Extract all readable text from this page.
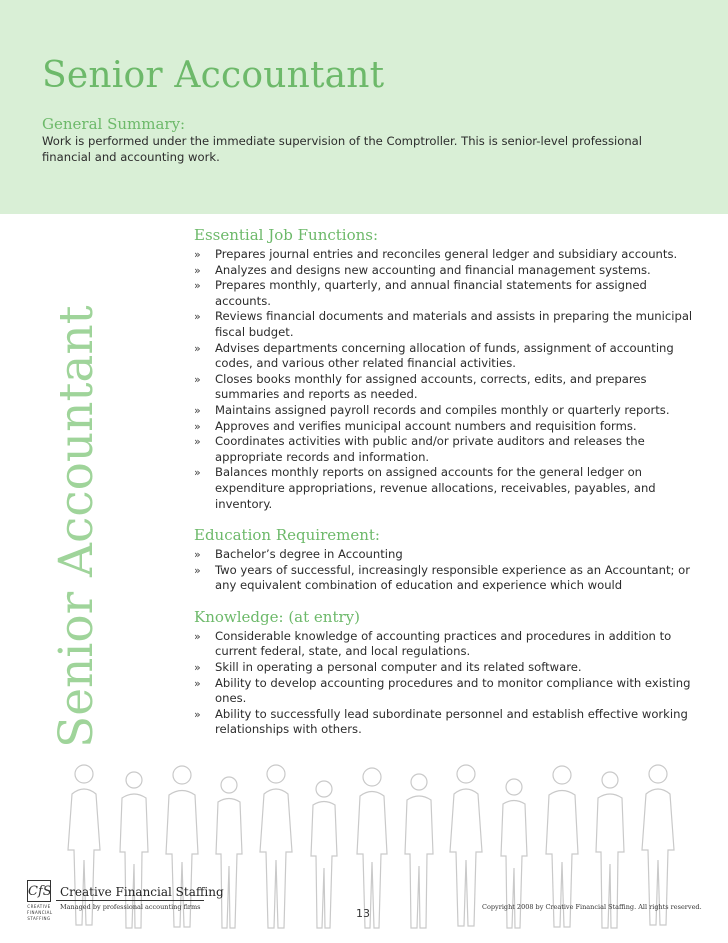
Senior Accountant
General Summary:
Work is performed under the immediate supervision of the Comptroller. This is senior-level professional financial and accounting work.
Senior Accountant
Essential Job Functions:
» Prepares journal entries and reconciles general ledger and subsidiary accounts.
» Analyzes and designs new accounting and financial management systems.
» Prepares monthly, quarterly, and annual financial statements for assigned accounts.
» Reviews financial documents and materials and assists in preparing the municipal fiscal budget.
» Advises departments concerning allocation of funds, assignment of accounting codes, and various other related financial activities.
» Closes books monthly for assigned accounts, corrects, edits, and prepares summaries and reports as needed.
» Maintains assigned payroll records and compiles monthly or quarterly reports.
» Approves and verifies municipal account numbers and requisition forms.
» Coordinates activities with public and/or private auditors and releases the appropriate records and information.
» Balances monthly reports on assigned accounts for the general ledger on expenditure appropriations, revenue allocations, receivables, payables, and inventory.
Education Requirement:
» Bachelor’s degree in Accounting
» Two years of successful, increasingly responsible experience as an Accountant; or any equivalent combination of education and experience which would
Knowledge: (at entry)
» Considerable knowledge of accounting practices and procedures in addition to current federal, state, and local regulations.
» Skill in operating a personal computer and its related software.
» Ability to develop accounting procedures and to monitor compliance with existing ones.
» Ability to successfully lead subordinate personnel and establish effective working relationships with others.
CfS
CREATIVE
FINANCIAL
STAFFING
Creative Financial Staffing
Managed by professional accounting firms	Copyright 2008 by Creative Financial Staffing. All rights reserved.
13
